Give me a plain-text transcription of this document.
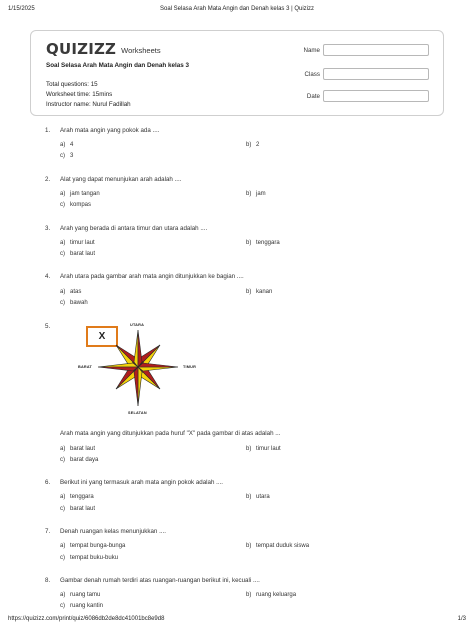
1/15/2025	Soal Selasa Arah Mata Angin dan Denah kelas 3 | Quizizz
QUIZIZZ Worksheets
Soal Selasa Arah Mata Angin dan Denah kelas 3
Total questions: 15
Worksheet time: 15mins
Instructor name: Nurul Fadillah
Name
Class
Date
1. Arah mata angin yang pokok ada ....
a) 4	b) 2
c) 3
2. Alat yang dapat menunjukan arah adalah ....
a) jam tangan	b) jam
c) kompas
3. Arah yang berada di antara timur dan utara adalah ....
a) timur laut	b) tenggara
c) barat laut
4. Arah utara pada gambar arah mata angin ditunjukkan ke bagian ....
a) atas	b) kanan
c) bawah
5.
X
UTARA
SELATAN
TIMUR
BARAT
Arah mata angin yang ditunjukkan pada huruf "X" pada gambar di atas adalah ...
a) barat laut	b) timur laut
c) barat daya
6. Berikut ini yang termasuk arah mata angin pokok adalah ....
a) tenggara	b) utara
c) barat laut
7. Denah ruangan kelas menunjukkan ....
a) tempat bunga-bunga	b) tempat duduk siswa
c) tempat buku-buku
8. Gambar denah rumah terdiri atas ruangan-ruangan berikut ini, kecuali ....
a) ruang tamu	b) ruang keluarga
c) ruang kantin
https://quizizz.com/print/quiz/6086db2de8dc41001bc8e9d8	1/3
